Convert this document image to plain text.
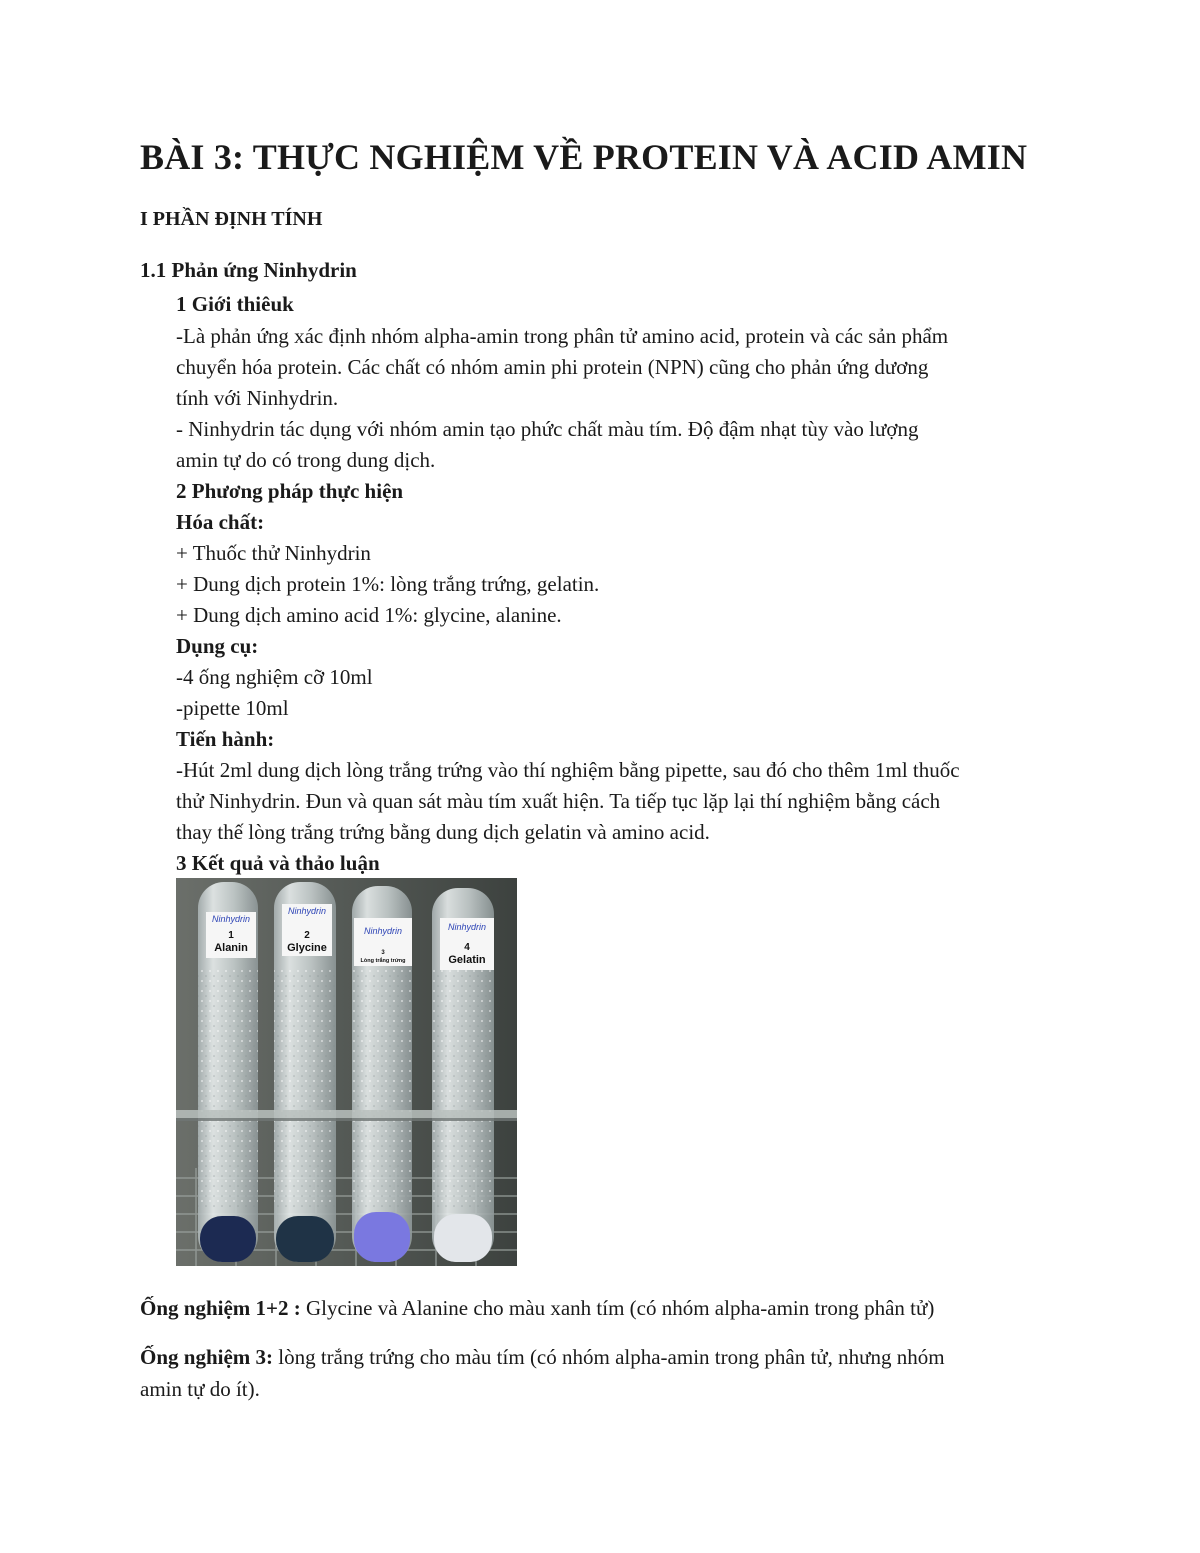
BÀI 3: THỰC NGHIỆM VỀ PROTEIN VÀ ACID AMIN
I PHẦN ĐỊNH TÍNH
1.1 Phản ứng Ninhydrin
1 Giới thiêuk
-Là phản ứng xác định nhóm alpha-amin trong phân tử amino acid, protein và các sản phẩm
chuyển hóa protein. Các chất có nhóm amin phi protein (NPN) cũng cho phản ứng dương
tính với Ninhydrin.
- Ninhydrin tác dụng với nhóm amin tạo phức chất màu tím. Độ đậm nhạt tùy vào lượng
amin tự do có trong dung dịch.
2 Phương pháp thực hiện
Hóa chất:
+ Thuốc thử Ninhydrin
+ Dung dịch protein 1%: lòng trắng trứng, gelatin.
+ Dung dịch amino acid 1%: glycine, alanine.
Dụng cụ:
-4 ống nghiệm cỡ 10ml
-pipette 10ml
Tiến hành:
-Hút 2ml dung dịch lòng trắng trứng vào thí nghiệm bằng pipette, sau đó cho thêm 1ml thuốc
thử Ninhydrin. Đun và quan sát màu tím xuất hiện. Ta tiếp tục lặp lại thí nghiệm bằng cách
thay thế lòng trắng trứng bằng dung dịch gelatin và amino acid.
3 Kết quả và thảo luận
Ninhydrin
1
Alanin
Ninhydrin
2
Glycine
Ninhydrin
3
Lòng trắng trứng
Ninhydrin
4
Gelatin
Ống nghiệm 1+2 : Glycine và Alanine cho màu xanh tím (có nhóm alpha-amin trong phân tử)
Ống nghiệm 3: lòng trắng trứng cho màu tím (có nhóm alpha-amin trong phân tử, nhưng nhóm
amin tự do ít).
